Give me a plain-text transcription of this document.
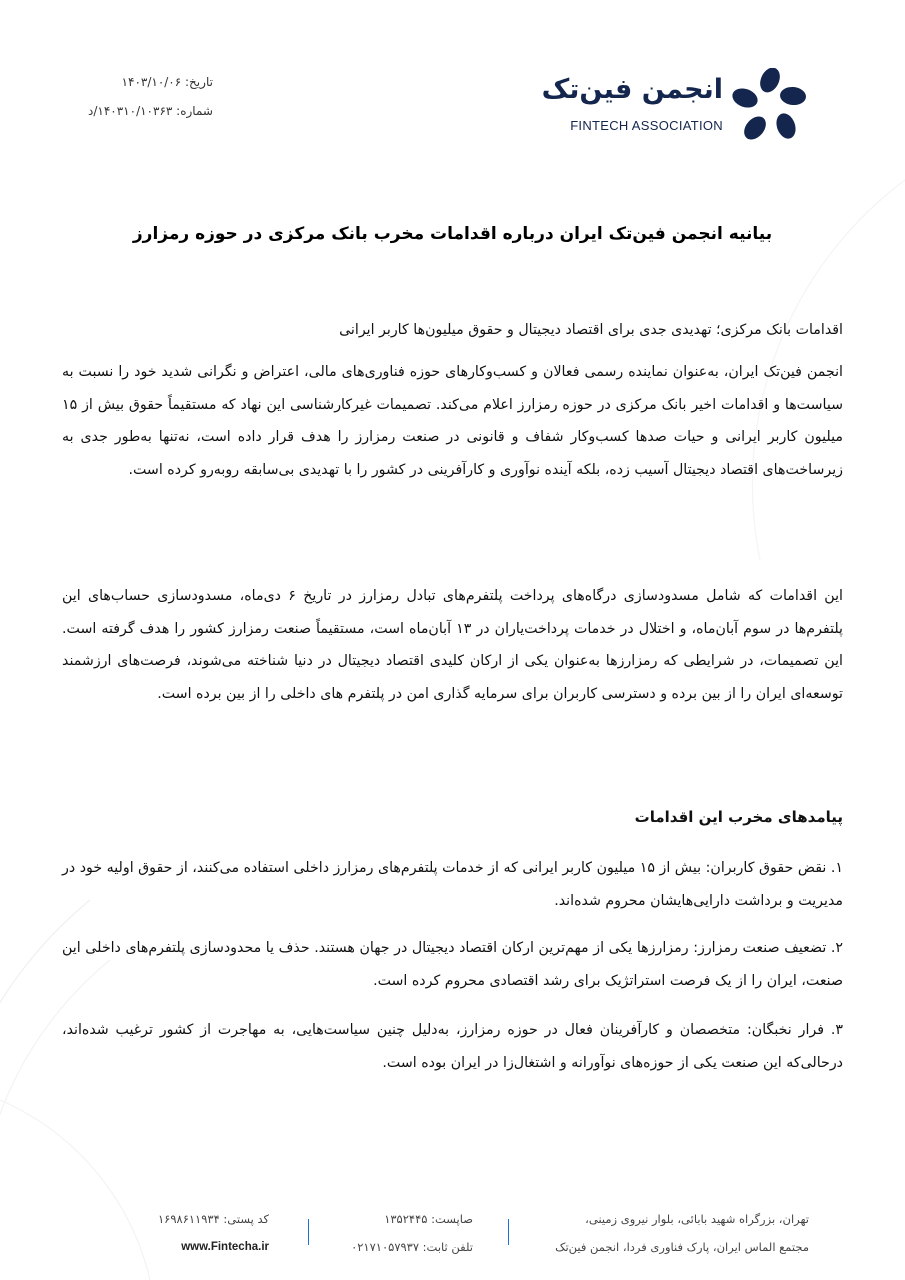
انجمن فین‌تک
FINTECH ASSOCIATION
تاریخ: ۱۴۰۳/۱۰/۰۶
شماره: ۱۴۰۳۱۰/۱۰۳۶۳/د
بیانیه انجمن فین‌تک ایران درباره اقدامات مخرب بانک مرکزی در حوزه رمزارز

اقدامات بانک مرکزی؛ تهدیدی جدی برای اقتصاد دیجیتال و حقوق میلیون‌ها کاربر ایرانی

انجمن فین‌تک ایران، به‌عنوان نماینده رسمی فعالان و کسب‌وکارهای حوزه فناوری‌های مالی، اعتراض و نگرانی شدید خود را نسبت به سیاست‌ها و اقدامات اخیر بانک مرکزی در حوزه رمزارز اعلام می‌کند. تصمیمات غیرکارشناسی این نهاد که مستقیماً حقوق بیش از ۱۵ میلیون کاربر ایرانی و حیات صدها کسب‌وکار شفاف و قانونی در صنعت رمزارز را هدف قرار داده است، نه‌تنها به‌طور جدی به زیرساخت‌های اقتصاد دیجیتال آسیب زده، بلکه آینده نوآوری و کارآفرینی در کشور را با تهدیدی بی‌سابقه روبه‌رو کرده است.

این اقدامات که شامل مسدودسازی درگاه‌های پرداخت پلتفرم‌های تبادل رمزارز در تاریخ ۶ دی‌ماه، مسدودسازی حساب‌های این پلتفرم‌ها در سوم آبان‌ماه، و اختلال در خدمات پرداخت‌یاران در ۱۳ آبان‌ماه است، مستقیماً صنعت رمزارز کشور را هدف گرفته است. این تصمیمات، در شرایطی که رمزارزها به‌عنوان یکی از ارکان کلیدی اقتصاد دیجیتال در دنیا شناخته می‌شوند، فرصت‌های ارزشمند توسعه‌ای ایران را از بین برده و دسترسی کاربران برای سرمایه گذاری امن در پلتفرم های داخلی را از بین برده است.

پیامدهای مخرب این اقدامات

۱. نقض حقوق کاربران: بیش از ۱۵ میلیون کاربر ایرانی که از خدمات پلتفرم‌های رمزارز داخلی استفاده می‌کنند، از حقوق اولیه خود در مدیریت و برداشت دارایی‌هایشان محروم شده‌اند.

۲. تضعیف صنعت رمزارز: رمزارزها یکی از مهم‌ترین ارکان اقتصاد دیجیتال در جهان هستند. حذف یا محدودسازی پلتفرم‌های داخلی این صنعت، ایران را از یک فرصت استراتژیک برای رشد اقتصادی محروم کرده است.

۳. فرار نخبگان: متخصصان و کارآفرینان فعال در حوزه رمزارز، به‌دلیل چنین سیاست‌هایی، به مهاجرت از کشور ترغیب شده‌اند، درحالی‌که این صنعت یکی از حوزه‌های نوآورانه و اشتغال‌زا در ایران بوده است.

تهران، بزرگراه شهید بابائی، بلوار نیروی زمینی،
مجتمع الماس ایران، پارک فناوری فردا، انجمن فین‌تک
صاپست: ۱۳۵۲۴۴۵
تلفن ثابت: ۰۲۱۷۱۰۵۷۹۳۷
کد پستی: ۱۶۹۸۶۱۱۹۳۴
www.Fintecha.ir
